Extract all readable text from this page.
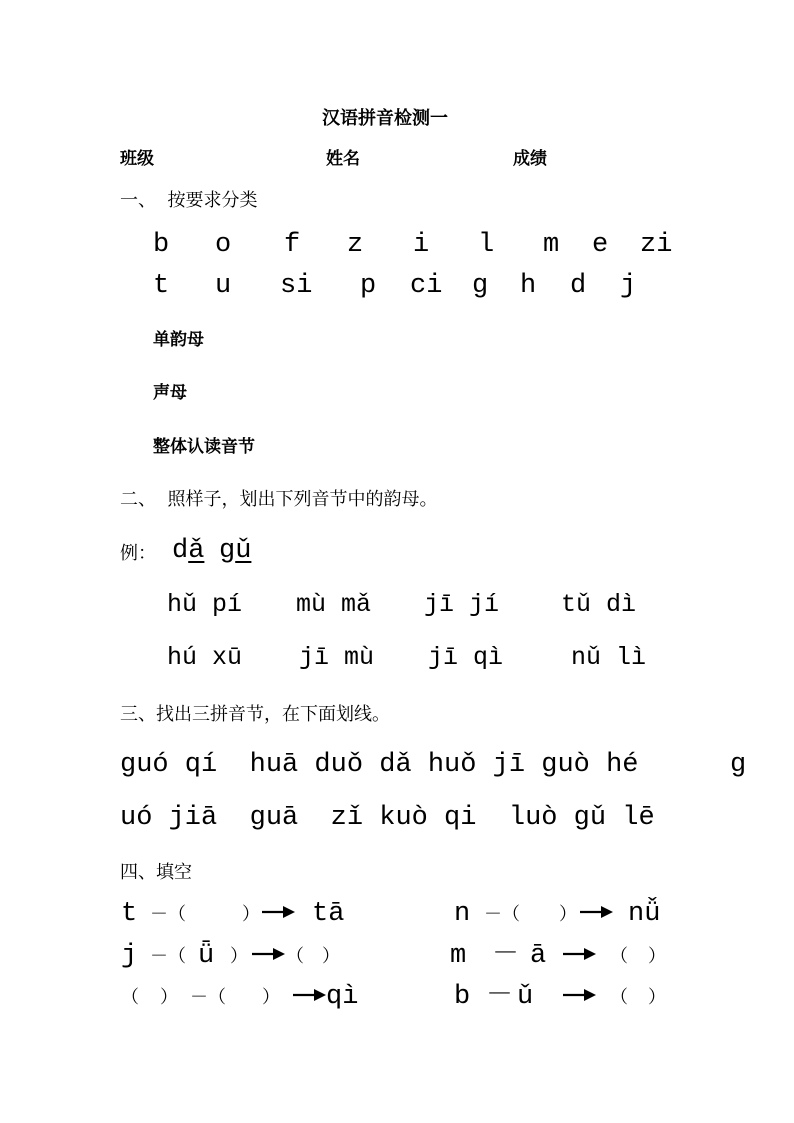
汉语拼音检测一
班级	姓名	成绩
一、  按要求分类
b o f z i l m e zi
t u si p ci g h d j
单韵母
声母
整体认读音节
二、  照样子，划出下列音节中的韵母。
例： dǎ gǔ
hǔ pí mù mǎ jī jí tǔ dì
hú xū jī mù jī qì	nǔ lì
三、找出三拼音节，在下面划线。
guó qí  huā duǒ dǎ huǒ jī guò hé	g
uó jiā  guā  zǐ kuò qi  luò gǔ lē
四、填空
t －（	） tā	n －（ ） nǚ
j －（ ǖ ） （ ）	m － ā	（ ）
（ ） －（ ） qì	b － ǔ	（ ）
